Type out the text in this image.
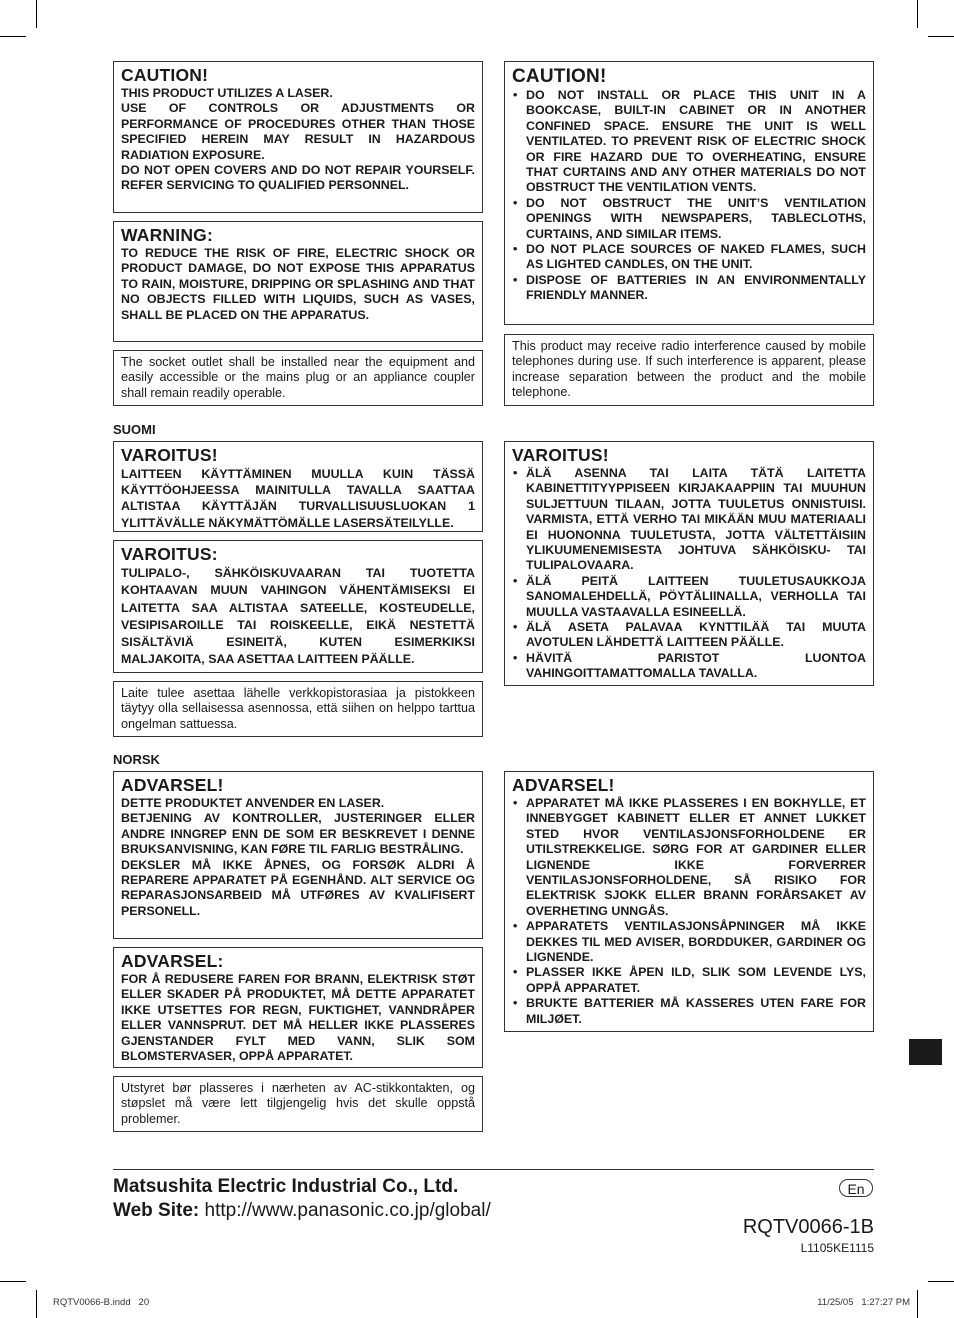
CAUTION!

THIS PRODUCT UTILIZES A LASER.

USE OF CONTROLS OR ADJUSTMENTS OR PERFORMANCE OF PROCEDURES OTHER THAN THOSE SPECIFIED HEREIN MAY RESULT IN HAZARDOUS RADIATION EXPOSURE.

DO NOT OPEN COVERS AND DO NOT REPAIR YOURSELF. REFER SERVICING TO QUALIFIED PERSONNEL.

WARNING:

TO REDUCE THE RISK OF FIRE, ELECTRIC SHOCK OR PRODUCT DAMAGE, DO NOT EXPOSE THIS APPARATUS TO RAIN, MOISTURE, DRIPPING OR SPLASHING AND THAT NO OBJECTS FILLED WITH LIQUIDS, SUCH AS VASES, SHALL BE PLACED ON THE APPARATUS.

The socket outlet shall be installed near the equipment and easily accessible or the mains plug or an appliance coupler shall remain readily operable.

CAUTION!
• DO NOT INSTALL OR PLACE THIS UNIT IN A BOOKCASE, BUILT-IN CABINET OR IN ANOTHER CONFINED SPACE. ENSURE THE UNIT IS WELL VENTILATED. TO PREVENT RISK OF ELECTRIC SHOCK OR FIRE HAZARD DUE TO OVERHEATING, ENSURE THAT CURTAINS AND ANY OTHER MATERIALS DO NOT OBSTRUCT THE VENTILATION VENTS.
• DO NOT OBSTRUCT THE UNIT’S VENTILATION OPENINGS WITH NEWSPAPERS, TABLECLOTHS, CURTAINS, AND SIMILAR ITEMS.
• DO NOT PLACE SOURCES OF NAKED FLAMES, SUCH AS LIGHTED CANDLES, ON THE UNIT.
• DISPOSE OF BATTERIES IN AN ENVIRONMENTALLY FRIENDLY MANNER.

This product may receive radio interference caused by mobile telephones during use. If such interference is apparent, please increase separation between the product and the mobile telephone.

SUOMI
VAROITUS!

LAITTEEN KÄYTTÄMINEN MUULLA KUIN TÄSSÄ KÄYTTÖOHJEESSA MAINITULLA TAVALLA SAATTAA ALTISTAA KÄYTTÄJÄN TURVALLISUUSLUOKAN 1 YLITTÄVÄLLE NÄKYMÄTTÖMÄLLE LASERSÄTEILYLLE.

VAROITUS:

TULIPALO-, SÄHKÖISKUVAARAN TAI TUOTETTA KOHTAAVAN MUUN VAHINGON VÄHENTÄMISEKSI EI LAITETTA SAA ALTISTAA SATEELLE, KOSTEUDELLE, VESIPISAROILLE TAI ROISKEELLE, EIKÄ NESTETTÄ SISÄLTÄVIÄ ESINEITÄ, KUTEN ESIMERKIKSI MALJAKOITA, SAA ASETTAA LAITTEEN PÄÄLLE.

Laite tulee asettaa lähelle verkkopistorasiaa ja pistokkeen täytyy olla sellaisessa asennossa, että siihen on helppo tarttua ongelman sattuessa.

VAROITUS!
• ÄLÄ ASENNA TAI LAITA TÄTÄ LAITETTA KABINETTITYYPPISEEN KIRJAKAAPPIIN TAI MUUHUN SULJETTUUN TILAAN, JOTTA TUULETUS ONNISTUISI. VARMISTA, ETTÄ VERHO TAI MIKÄÄN MUU MATERIAALI EI HUONONNA TUULETUSTA, JOTTA VÄLTETTÄISIIN YLIKUUMENEMISESTA JOHTUVA SÄHKÖISKU- TAI TULIPALOVAARA.
• ÄLÄ PEITÄ LAITTEEN TUULETUSAUKKOJA SANOMALEHDELLÄ, PÖYTÄLIINALLA, VERHOLLA TAI MUULLA VASTAAVALLA ESINEELLÄ.
• ÄLÄ ASETA PALAVAA KYNTTILÄÄ TAI MUUTA AVOTULEN LÄHDETTÄ LAITTEEN PÄÄLLE.
• HÄVITÄ PARISTOT LUONTOA VAHINGOITTAMATTOMALLA TAVALLA.
NORSK
ADVARSEL!

DETTE PRODUKTET ANVENDER EN LASER.

BETJENING AV KONTROLLER, JUSTERINGER ELLER ANDRE INNGREP ENN DE SOM ER BESKREVET I DENNE BRUKSANVISNING, KAN FØRE TIL FARLIG BESTRÅLING.

DEKSLER MÅ IKKE ÅPNES, OG FORSØK ALDRI Å REPARERE APPARATET PÅ EGENHÅND. ALT SERVICE OG REPARASJONSARBEID MÅ UTFØRES AV KVALIFISERT PERSONELL.

ADVARSEL:

FOR Å REDUSERE FAREN FOR BRANN, ELEKTRISK STØT ELLER SKADER PÅ PRODUKTET, MÅ DETTE APPARATET IKKE UTSETTES FOR REGN, FUKTIGHET, VANNDRÅPER ELLER VANNSPRUT. DET MÅ HELLER IKKE PLASSERES GJENSTANDER FYLT MED VANN, SLIK SOM BLOMSTERVASER, OPPÅ APPARATET.

Utstyret bør plasseres i nærheten av AC-stikkontakten, og støpslet må være lett tilgjengelig hvis det skulle oppstå problemer.

ADVARSEL!
• APPARATET MÅ IKKE PLASSERES I EN BOKHYLLE, ET INNEBYGGET KABINETT ELLER ET ANNET LUKKET STED HVOR VENTILASJONSFORHOLDENE ER UTILSTREKKELIGE. SØRG FOR AT GARDINER ELLER LIGNENDE IKKE FORVERRER VENTILASJONSFORHOLDENE, SÅ RISIKO FOR ELEKTRISK SJOKK ELLER BRANN FORÅRSAKET AV OVERHETING UNNGÅS.
• APPARATETS VENTILASJONSÅPNINGER MÅ IKKE DEKKES TIL MED AVISER, BORDDUKER, GARDINER OG LIGNENDE.
• PLASSER IKKE ÅPEN ILD, SLIK SOM LEVENDE LYS, OPPÅ APPARATET.
• BRUKTE BATTERIER MÅ KASSERES UTEN FARE FOR MILJØET.
Matsushita Electric Industrial Co., Ltd.
Web Site: http://www.panasonic.co.jp/global/
En
RQTV0066-1B
L1105KE1115
RQTV0066-B.indd   20	11/25/05   1:27:27 PM
